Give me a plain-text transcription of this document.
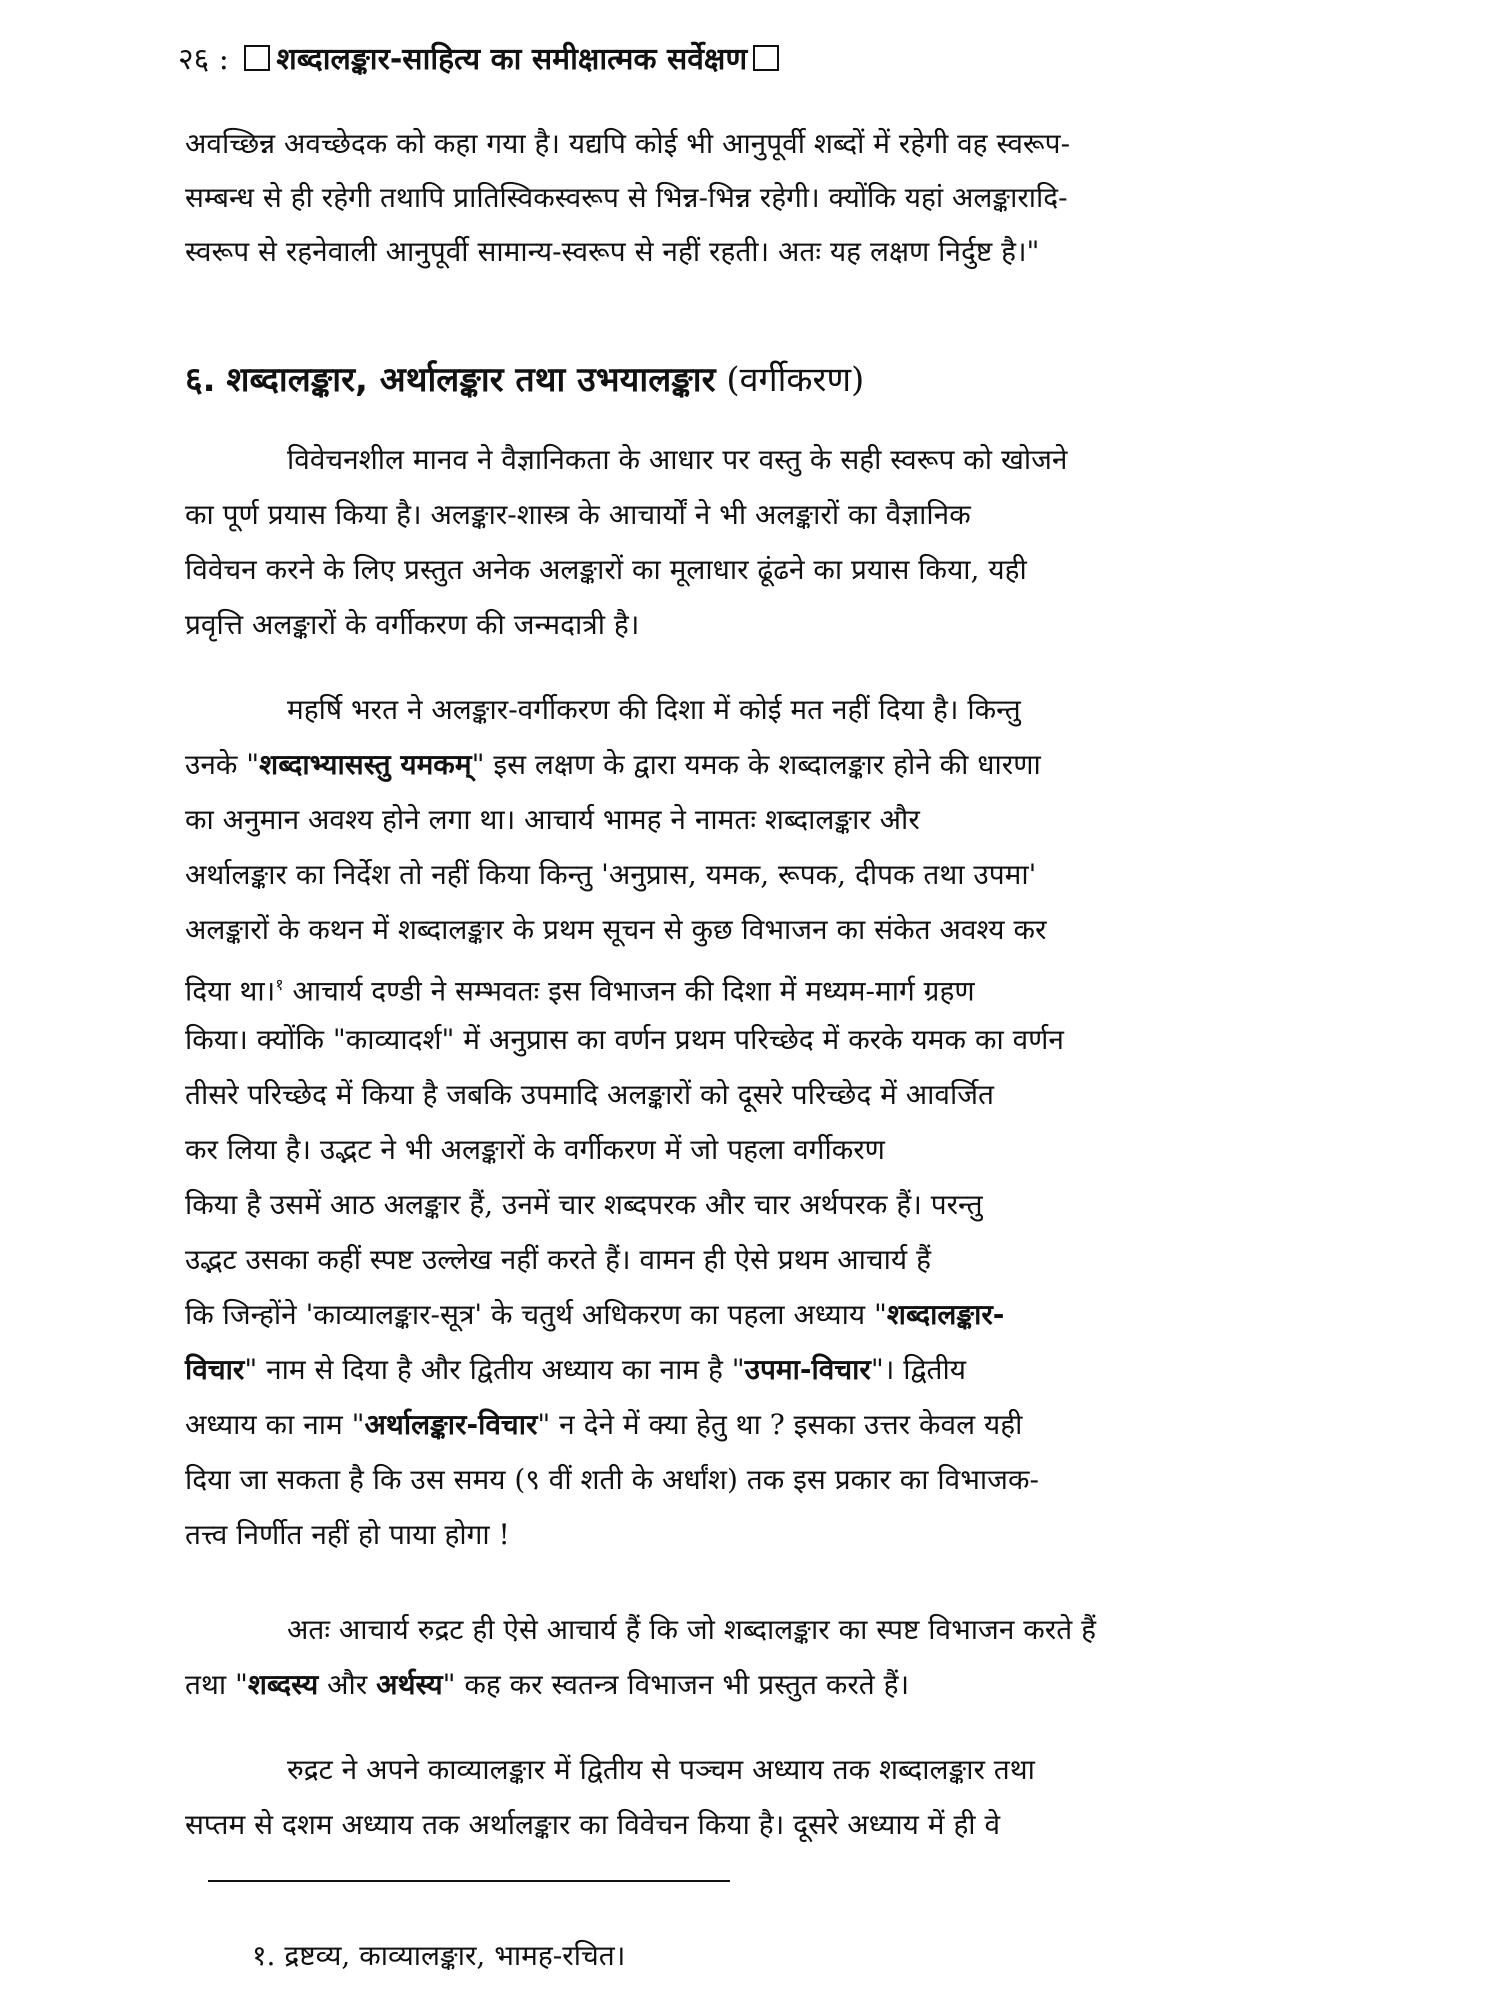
२६ : शब्दालङ्कार-साहित्य का समीक्षात्मक सर्वेक्षण
अवच्छिन्न अवच्छेदक को कहा गया है। यद्यपि कोई भी आनुपूर्वी शब्दों में रहेगी वह स्वरूप-
सम्बन्ध से ही रहेगी तथापि प्रातिस्विकस्वरूप से भिन्न-भिन्न रहेगी। क्योंकि यहां अलङ्कारादि-
स्वरूप से रहनेवाली आनुपूर्वी सामान्य-स्वरूप से नहीं रहती। अतः यह लक्षण निर्दुष्ट है।"
६. शब्दालङ्कार, अर्थालङ्कार तथा उभयालङ्कार (वर्गीकरण)
विवेचनशील मानव ने वैज्ञानिकता के आधार पर वस्तु के सही स्वरूप को खोजने
का पूर्ण प्रयास किया है। अलङ्कार-शास्त्र के आचार्यों ने भी अलङ्कारों का वैज्ञानिक
विवेचन करने के लिए प्रस्तुत अनेक अलङ्कारों का मूलाधार ढूंढने का प्रयास किया, यही
प्रवृत्ति अलङ्कारों के वर्गीकरण की जन्मदात्री है।
महर्षि भरत ने अलङ्कार-वर्गीकरण की दिशा में कोई मत नहीं दिया है। किन्तु
उनके "शब्दाभ्यासस्तु यमकम्" इस लक्षण के द्वारा यमक के शब्दालङ्कार होने की धारणा
का अनुमान अवश्य होने लगा था। आचार्य भामह ने नामतः शब्दालङ्कार और
अर्थालङ्कार का निर्देश तो नहीं किया किन्तु 'अनुप्रास, यमक, रूपक, दीपक तथा उपमा'
अलङ्कारों के कथन में शब्दालङ्कार के प्रथम सूचन से कुछ विभाजन का संकेत अवश्य कर
दिया था।$^१$ आचार्य दण्डी ने सम्भवतः इस विभाजन की दिशा में मध्यम-मार्ग ग्रहण
किया। क्योंकि "काव्यादर्श" में अनुप्रास का वर्णन प्रथम परिच्छेद में करके यमक का वर्णन
तीसरे परिच्छेद में किया है जबकि उपमादि अलङ्कारों को दूसरे परिच्छेद में आवर्जित
कर लिया है। उद्भट ने भी अलङ्कारों के वर्गीकरण में जो पहला वर्गीकरण
किया है उसमें आठ अलङ्कार हैं, उनमें चार शब्दपरक और चार अर्थपरक हैं। परन्तु
उद्भट उसका कहीं स्पष्ट उल्लेख नहीं करते हैं। वामन ही ऐसे प्रथम आचार्य हैं
कि जिन्होंने 'काव्यालङ्कार-सूत्र' के चतुर्थ अधिकरण का पहला अध्याय "शब्दालङ्कार-
विचार" नाम से दिया है और द्वितीय अध्याय का नाम है "उपमा-विचार"। द्वितीय
अध्याय का नाम "अर्थालङ्कार-विचार" न देने में क्या हेतु था ? इसका उत्तर केवल यही
दिया जा सकता है कि उस समय (९ वीं शती के अर्धांश) तक इस प्रकार का विभाजक-
तत्त्व निर्णीत नहीं हो पाया होगा !
अतः आचार्य रुद्रट ही ऐसे आचार्य हैं कि जो शब्दालङ्कार का स्पष्ट विभाजन करते हैं
तथा "शब्दस्य और अर्थस्य" कह कर स्वतन्त्र विभाजन भी प्रस्तुत करते हैं।
रुद्रट ने अपने काव्यालङ्कार में द्वितीय से पञ्चम अध्याय तक शब्दालङ्कार तथा
सप्तम से दशम अध्याय तक अर्थालङ्कार का विवेचन किया है। दूसरे अध्याय में ही वे
१. द्रष्टव्य, काव्यालङ्कार, भामह-रचित।
